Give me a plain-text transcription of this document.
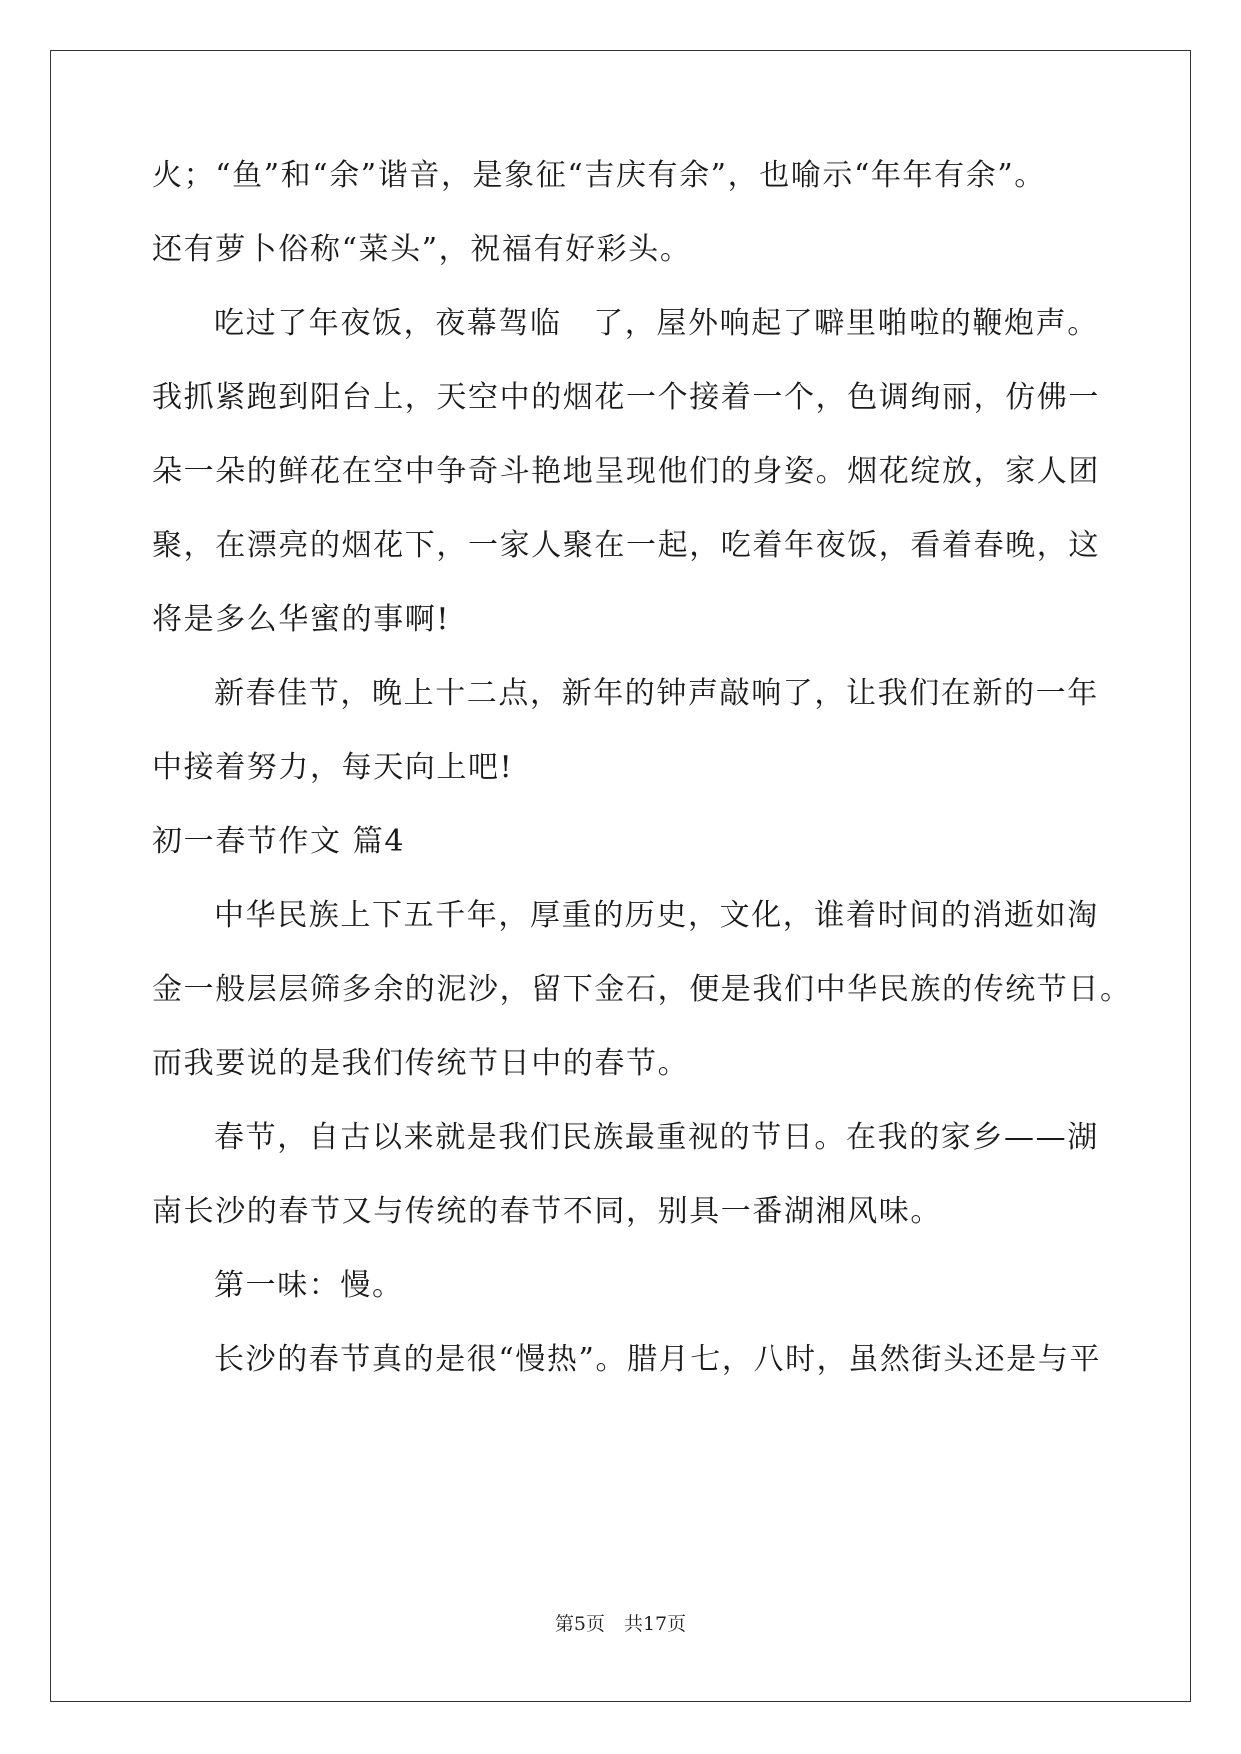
火；“鱼”和“余”谐音，是象征“吉庆有余”，也喻示“年年有余”。
还有萝卜俗称“菜头”，祝福有好彩头。
吃过了年夜饭，夜幕驾临　了，屋外响起了噼里啪啦的鞭炮声。
我抓紧跑到阳台上，天空中的烟花一个接着一个，色调绚丽，仿佛一
朵一朵的鲜花在空中争奇斗艳地呈现他们的身姿。烟花绽放，家人团
聚，在漂亮的烟花下，一家人聚在一起，吃着年夜饭，看着春晚，这
将是多么华蜜的事啊!
新春佳节，晚上十二点，新年的钟声敲响了，让我们在新的一年
中接着努力，每天向上吧!
初一春节作文 篇4
中华民族上下五千年，厚重的历史，文化，谁着时间的消逝如淘
金一般层层筛多余的泥沙，留下金石，便是我们中华民族的传统节日。
而我要说的是我们传统节日中的春节。
春节，自古以来就是我们民族最重视的节日。在我的家乡——湖
南长沙的春节又与传统的春节不同，别具一番湖湘风味。
第一味：慢。
长沙的春节真的是很“慢热”。腊月七，八时，虽然街头还是与平
第5页　共17页
